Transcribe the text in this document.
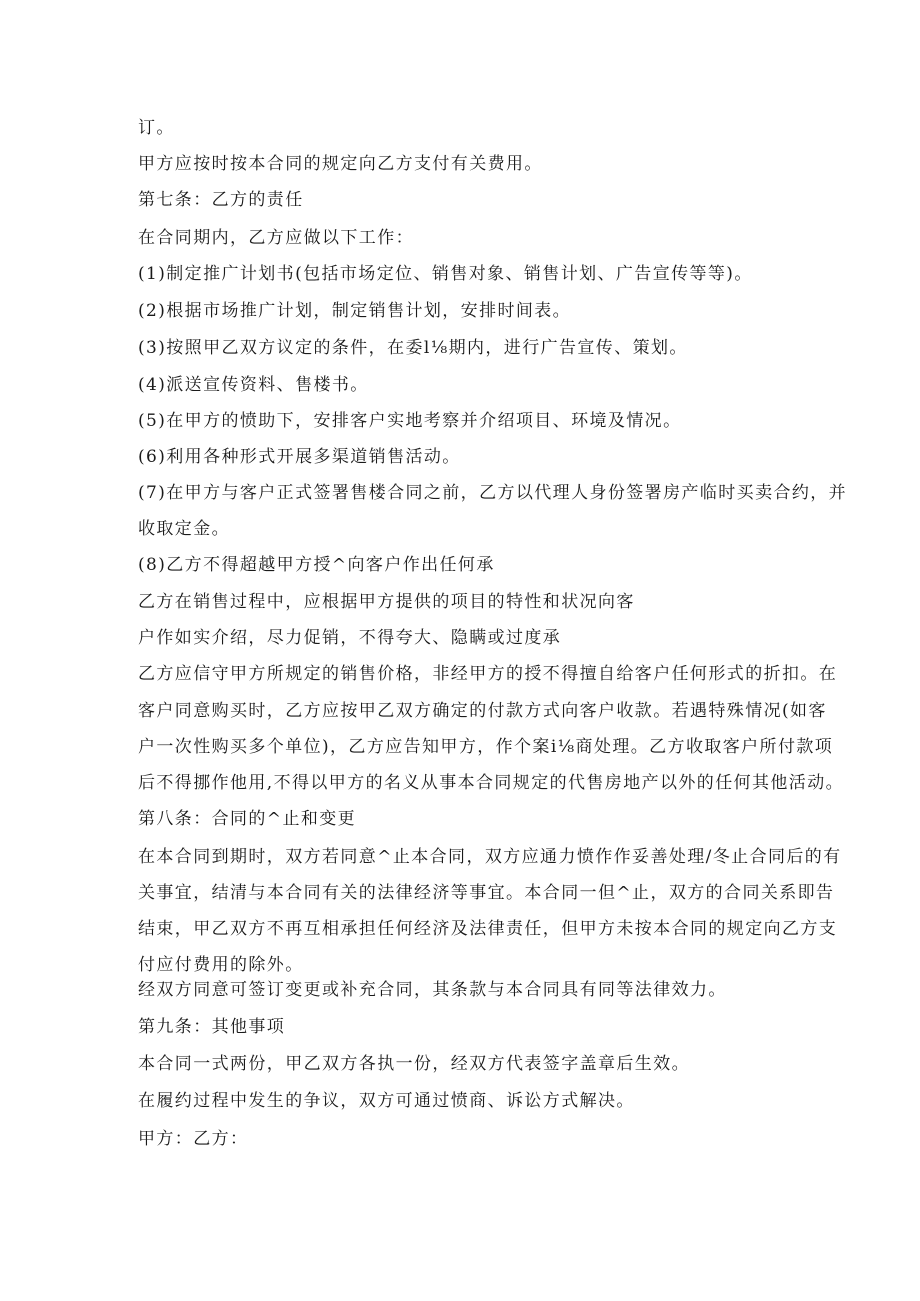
订。
甲方应按时按本合同的规定向乙方支付有关费用。
第七条：乙方的责任
在合同期内，乙方应做以下工作：
(1)制定推广计划书(包括市场定位、销售对象、销售计划、广告宣传等等)。
(2)根据市场推广计划，制定销售计划，安排时间表。
(3)按照甲乙双方议定的条件，在委l⅛期内，进行广告宣传、策划。
(4)派送宣传资料、售楼书。
(5)在甲方的愤助下，安排客户实地考察并介绍项目、环境及情况。
(6)利用各种形式开展多渠道销售活动。
(7)在甲方与客户正式签署售楼合同之前，乙方以代理人身份签署房产临时买卖合约，并
收取定金。
(8)乙方不得超越甲方授^向客户作出任何承
乙方在销售过程中，应根据甲方提供的项目的特性和状况向客
户作如实介绍，尽力促销，不得夸大、隐瞒或过度承
乙方应信守甲方所规定的销售价格，非经甲方的授不得擅自给客户任何形式的折扣。在
客户同意购买时，乙方应按甲乙双方确定的付款方式向客户收款。若遇特殊情况(如客
户一次性购买多个单位)，乙方应告知甲方，作个案i⅛商处理。乙方收取客户所付款项
后不得挪作他用,不得以甲方的名义从事本合同规定的代售房地产以外的任何其他活动。
第八条：合同的^止和变更
在本合同到期时，双方若同意^止本合同，双方应通力愤作作妥善处理/冬止合同后的有
关事宜，结清与本合同有关的法律经济等事宜。本合同一但^止，双方的合同关系即告
结束，甲乙双方不再互相承担任何经济及法律责任，但甲方未按本合同的规定向乙方支
付应付费用的除外。
经双方同意可签订变更或补充合同，其条款与本合同具有同等法律效力。
第九条：其他事项
本合同一式两份，甲乙双方各执一份，经双方代表签字盖章后生效。
在履约过程中发生的争议，双方可通过愤商、诉讼方式解决。
甲方：乙方：
